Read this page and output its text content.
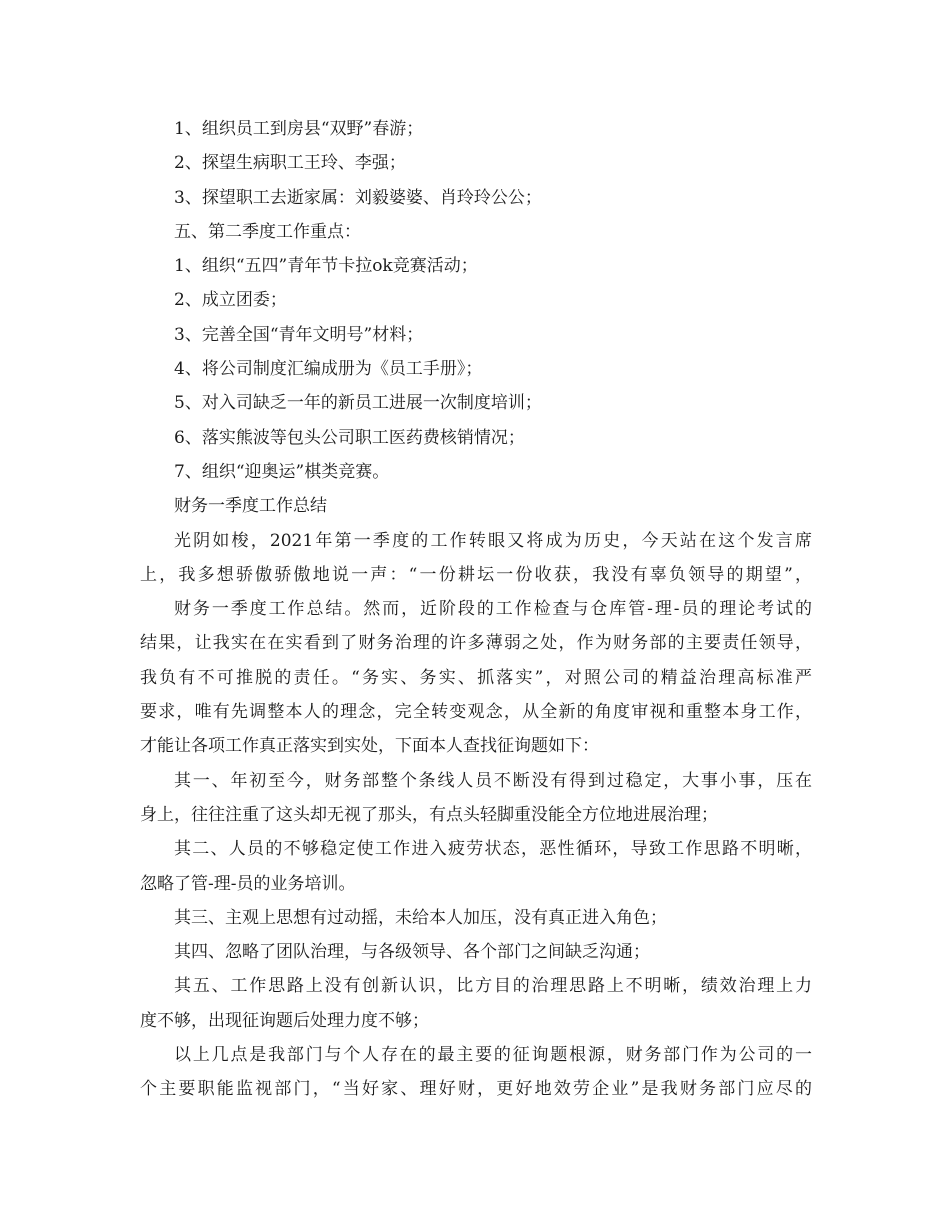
1、组织员工到房县“双野”春游；
2、探望生病职工王玲、李强；
3、探望职工去逝家属：刘毅婆婆、肖玲玲公公；
五、第二季度工作重点：
1、组织“五四”青年节卡拉ok竞赛活动；
2、成立团委；
3、完善全国“青年文明号”材料；
4、将公司制度汇编成册为《员工手册》；
5、对入司缺乏一年的新员工进展一次制度培训；
6、落实熊波等包头公司职工医药费核销情况；
7、组织“迎奥运”棋类竞赛。
财务一季度工作总结
光阴如梭，2021年第一季度的工作转眼又将成为历史，今天站在这个发言席
上，我多想骄傲骄傲地说一声：“一份耕坛一份收获，我没有辜负领导的期望”，
财务一季度工作总结。然而，近阶段的工作检查与仓库管-理-员的理论考试的
结果，让我实在在实看到了财务治理的许多薄弱之处，作为财务部的主要责任领导，
我负有不可推脱的责任。“务实、务实、抓落实”，对照公司的精益治理高标准严
要求，唯有先调整本人的理念，完全转变观念，从全新的角度审视和重整本身工作，
才能让各项工作真正落实到实处，下面本人查找征询题如下：
其一、年初至今，财务部整个条线人员不断没有得到过稳定，大事小事，压在
身上，往往注重了这头却无视了那头，有点头轻脚重没能全方位地进展治理；
其二、人员的不够稳定使工作进入疲劳状态，恶性循环，导致工作思路不明晰，
忽略了管-理-员的业务培训。
其三、主观上思想有过动摇，未给本人加压，没有真正进入角色；
其四、忽略了团队治理，与各级领导、各个部门之间缺乏沟通；
其五、工作思路上没有创新认识，比方目的治理思路上不明晰，绩效治理上力
度不够，出现征询题后处理力度不够；
以上几点是我部门与个人存在的最主要的征询题根源，财务部门作为公司的一
个主要职能监视部门，“当好家、理好财，更好地效劳企业”是我财务部门应尽的
